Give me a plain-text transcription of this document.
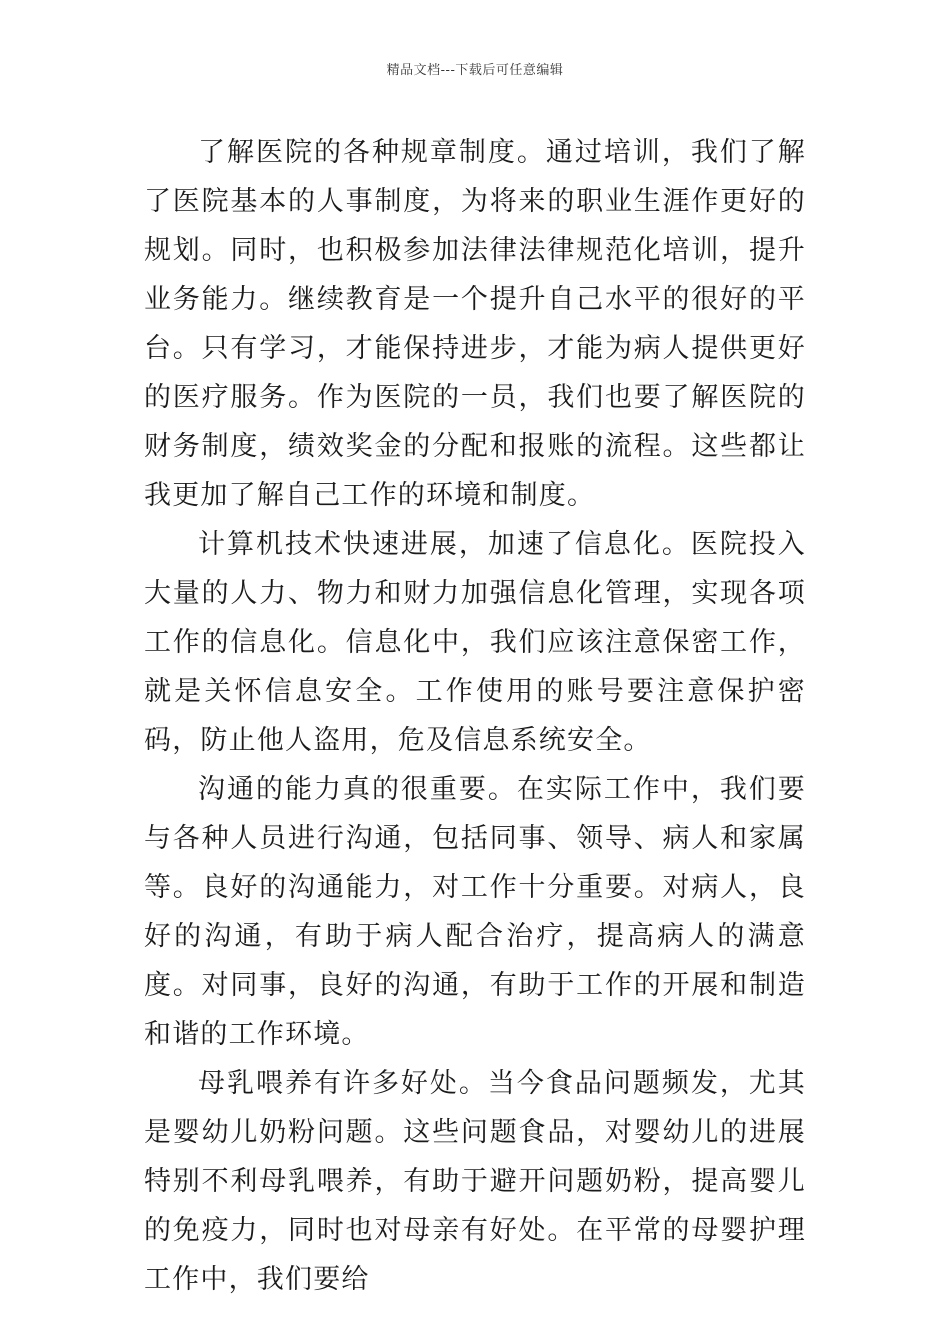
精品文档---下载后可任意编辑

了解医院的各种规章制度。通过培训，我们了解了医院基本的人事制度，为将来的职业生涯作更好的规划。同时，也积极参加法律法律规范化培训，提升业务能力。继续教育是一个提升自己水平的很好的平台。只有学习，才能保持进步，才能为病人提供更好的医疗服务。作为医院的一员，我们也要了解医院的财务制度，绩效奖金的分配和报账的流程。这些都让我更加了解自己工作的环境和制度。

计算机技术快速进展，加速了信息化。医院投入大量的人力、物力和财力加强信息化管理，实现各项工作的信息化。信息化中，我们应该注意保密工作，就是关怀信息安全。工作使用的账号要注意保护密码，防止他人盗用，危及信息系统安全。

沟通的能力真的很重要。在实际工作中，我们要与各种人员进行沟通，包括同事、领导、病人和家属等。良好的沟通能力，对工作十分重要。对病人，良好的沟通，有助于病人配合治疗，提高病人的满意度。对同事，良好的沟通，有助于工作的开展和制造和谐的工作环境。

母乳喂养有许多好处。当今食品问题频发，尤其是婴幼儿奶粉问题。这些问题食品，对婴幼儿的进展特别不利母乳喂养，有助于避开问题奶粉，提高婴儿的免疫力，同时也对母亲有好处。在平常的母婴护理工作中，我们要给
